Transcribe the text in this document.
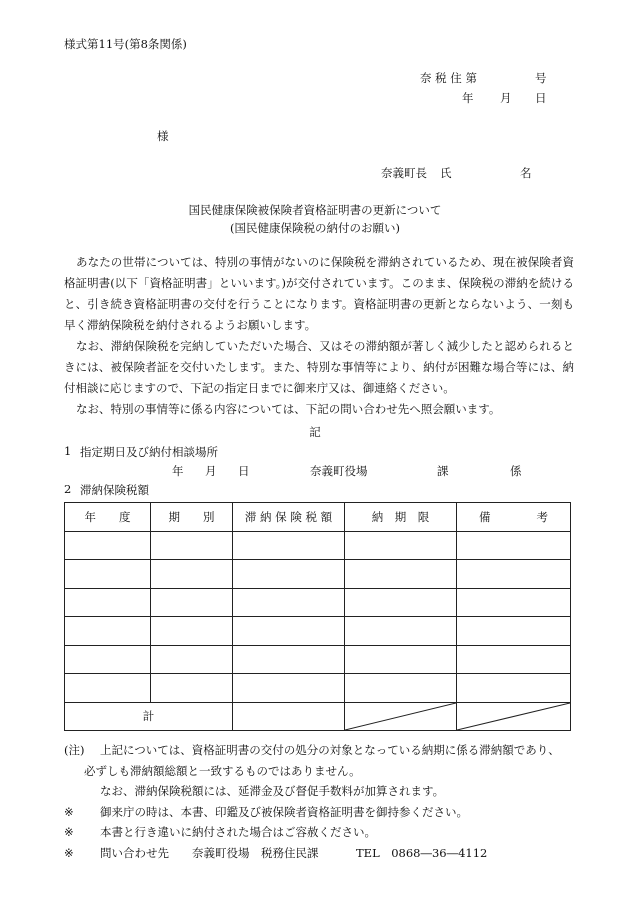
様式第11号(第8条関係)
奈 税 住 第	号
年 月 日
様
奈義町長 氏	名
国民健康保険被保険者資格証明書の更新について
(国民健康保険税の納付のお願い)

あなたの世帯については、特別の事情がないのに保険税を滞納されているため、現在被保険者資格証明書(以下「資格証明書」といいます。)が交付されています。このまま、保険税の滞納を続けると、引き続き資格証明書の交付を行うことになります。資格証明書の更新とならないよう、一刻も早く滞納保険税を納付されるようお願いします。

なお、滞納保険税を完納していただいた場合、又はその滞納額が著しく減少したと認められるときには、被保険者証を交付いたします。また、特別な事情等により、納付が困難な場合等には、納付相談に応じますので、下記の指定日までに御来庁又は、御連絡ください。

なお、特別の事情等に係る内容については、下記の問い合わせ先へ照会願います。

記
1 指定期日及び納付相談場所
年 月 日	奈義町役場	課	係
2 滞納保険税額
年　　度	期　　別	滞 納 保 険 税 額	納　期　限	備　　　　考

計		

(注) 上記については、資格証明書の交付の処分の対象となっている納期に係る滞納額であり、
必ずしも滞納額総額と一致するものではありません。
なお、滞納保険税額には、延滞金及び督促手数料が加算されます。
※ 御来庁の時は、本書、印鑑及び被保険者資格証明書を御持参ください。
※ 本書と行き違いに納付された場合はご容赦ください。
※ 問い合わせ先 奈義町役場　税務住民課	TEL　0868―36―4112
